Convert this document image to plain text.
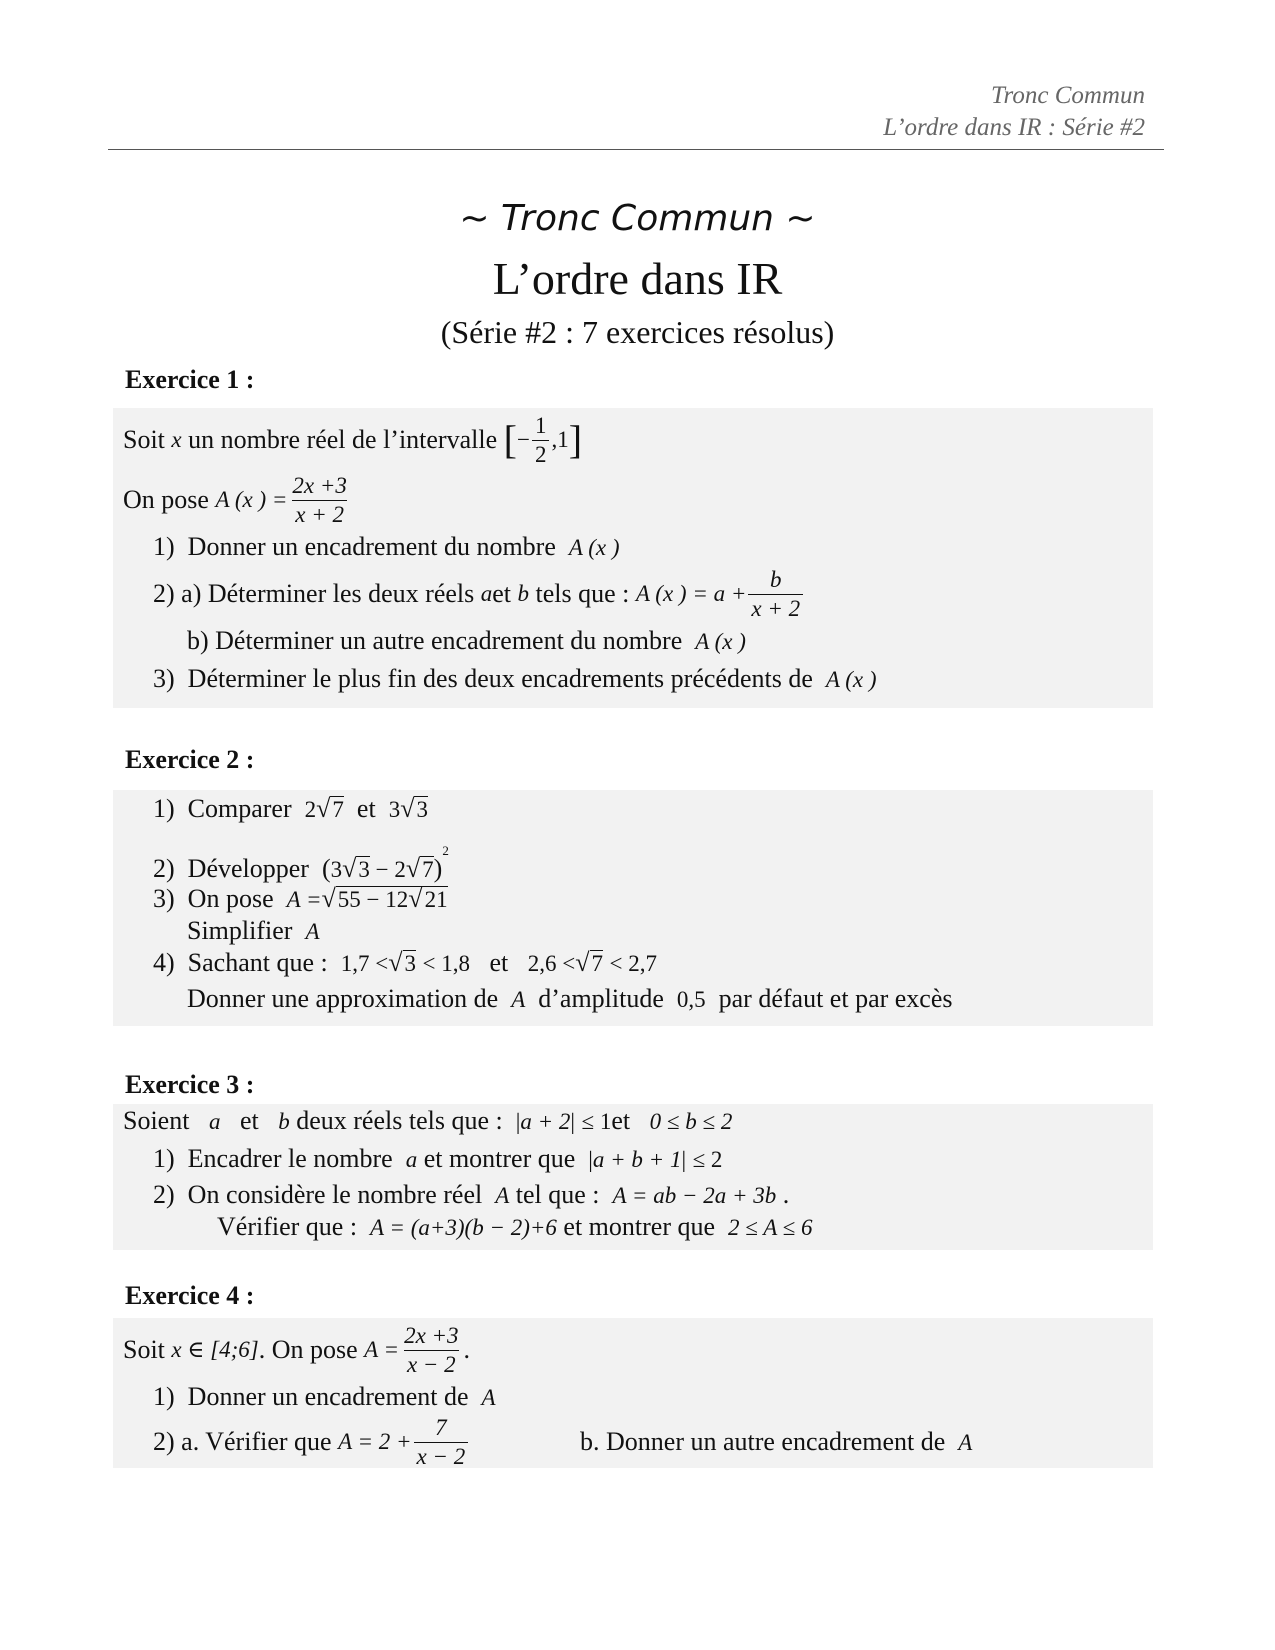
Tronc Commun
L’ordre dans IR : Série #2
~ Tronc Commun ~
L’ordre dans IR
(Série #2 : 7 exercices résolus)
Exercice 1 :
Soit
x
un nombre réel de l’intervalle
[ − $\frac{1}{2} ,1$ ]
On pose
A (x ) = $\frac{2x +3}{x + 2}$
1) Donner un encadrement du nombre A (x )
2)
a) Déterminer les deux réels
a et
b
tels que :
A (x ) = $a + \frac{b}{x + 2}$
b) Déterminer un autre encadrement du nombre A (x )
3) Déterminer le plus fin des deux encadrements précédents de A (x )
Exercice 2 :
1) Comparer 2√7 et 3√3
2) Développer $(3√3 - 2√7)^2$
3) On pose A =√55 − 12√21
Simplifier A
4) Sachant que : 1,7 <√3 < 1,8 et 2,6 <√7 < 2,7
Donner une approximation de A d’amplitude 0,5 par défaut et par excès
Exercice 3 :
Soient a et b deux réels tels que : |a + 2| ≤ 1et 0 ≤ b ≤ 2
1) Encadrer le nombre a et montrer que |a + b + 1| ≤ 2
2) On considère le nombre réel A tel que : A = ab − 2a + 3b .
Vérifier que : A = (a+3)(b − 2)+6 et montrer que 2 ≤ A ≤ 6
Exercice 4 :
Soit
x ∈ [4;6] . On pose
$A = \frac{2x +3}{x - 2}$ .
1) Donner un encadrement de A
2)
a. Vérifier que
$A = 2 + \frac{7}{x - 2}$	b. Donner un autre encadrement de A
